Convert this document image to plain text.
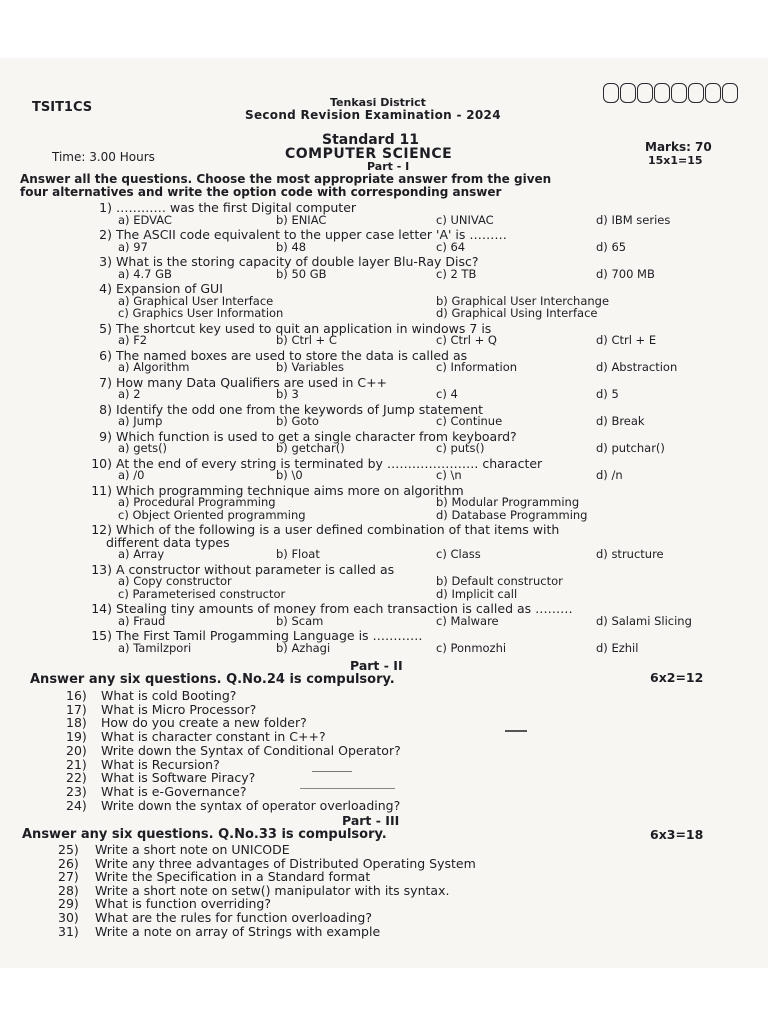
TSIT1CS	Tenkasi District
Second Revision Examination - 2024
Standard 11
Time: 3.00 Hours	COMPUTER SCIENCE	Marks: 70
15x1=15
Part - I
Answer all the questions. Choose the most appropriate answer from the given
four alternatives and write the option code with corresponding answer
1) ………… was the first Digital computer
a) EDVAC	b) ENIAC	c) UNIVAC	d) IBM series
2) The ASCII code equivalent to the upper case letter 'A' is ………
a) 97	b) 48	c) 64	d) 65
3) What is the storing capacity of double layer Blu-Ray Disc?
a) 4.7 GB	b) 50 GB	c) 2 TB	d) 700 MB
4) Expansion of GUI
a) Graphical User Interface	b) Graphical User Interchange
c) Graphics User Information	d) Graphical Using Interface
5) The shortcut key used to quit an application in windows 7 is
a) F2	b) Ctrl + C	c) Ctrl + Q	d) Ctrl + E
6) The named boxes are used to store the data is called as
a) Algorithm	b) Variables	c) Information	d) Abstraction
7) How many Data Qualifiers are used in C++
a) 2	b) 3	c) 4	d) 5
8) Identify the odd one from the keywords of Jump statement
a) Jump	b) Goto	c) Continue	d) Break
9) Which function is used to get a single character from keyboard?
a) gets()	b) getchar()	c) puts()	d) putchar()
10) At the end of every string is terminated by …………………. character
a) /0	b) \0	c) \n	d) /n
11) Which programming technique aims more on algorithm
a) Procedural Programming	b) Modular Programming
c) Object Oriented programming	d) Database Programming
12) Which of the following is a user defined combination of that items with
different data types
a) Array	b) Float	c) Class	d) structure
13) A constructor without parameter is called as
a) Copy constructor	b) Default constructor
c) Parameterised constructor	d) Implicit call
14) Stealing tiny amounts of money from each transaction is called as ………
a) Fraud	b) Scam	c) Malware	d) Salami Slicing
15) The First Tamil Progamming Language is …………
a) Tamilzpori	b) Azhagi	c) Ponmozhi	d) Ezhil
Part - II
Answer any six questions. Q.No.24 is compulsory.	6x2=12
16) What is cold Booting?
17) What is Micro Processor?
18) How do you create a new folder?
19) What is character constant in C++?
20) Write down the Syntax of Conditional Operator?
21) What is Recursion?
22) What is Software Piracy?
23) What is e-Governance?
24) Write down the syntax of operator overloading?
Part - III
Answer any six questions. Q.No.33 is compulsory.	6x3=18
25) Write a short note on UNICODE
26) Write any three advantages of Distributed Operating System
27) Write the Specification in a Standard format
28) Write a short note on setw() manipulator with its syntax.
29) What is function overriding?
30) What are the rules for function overloading?
31) Write a note on array of Strings with example
